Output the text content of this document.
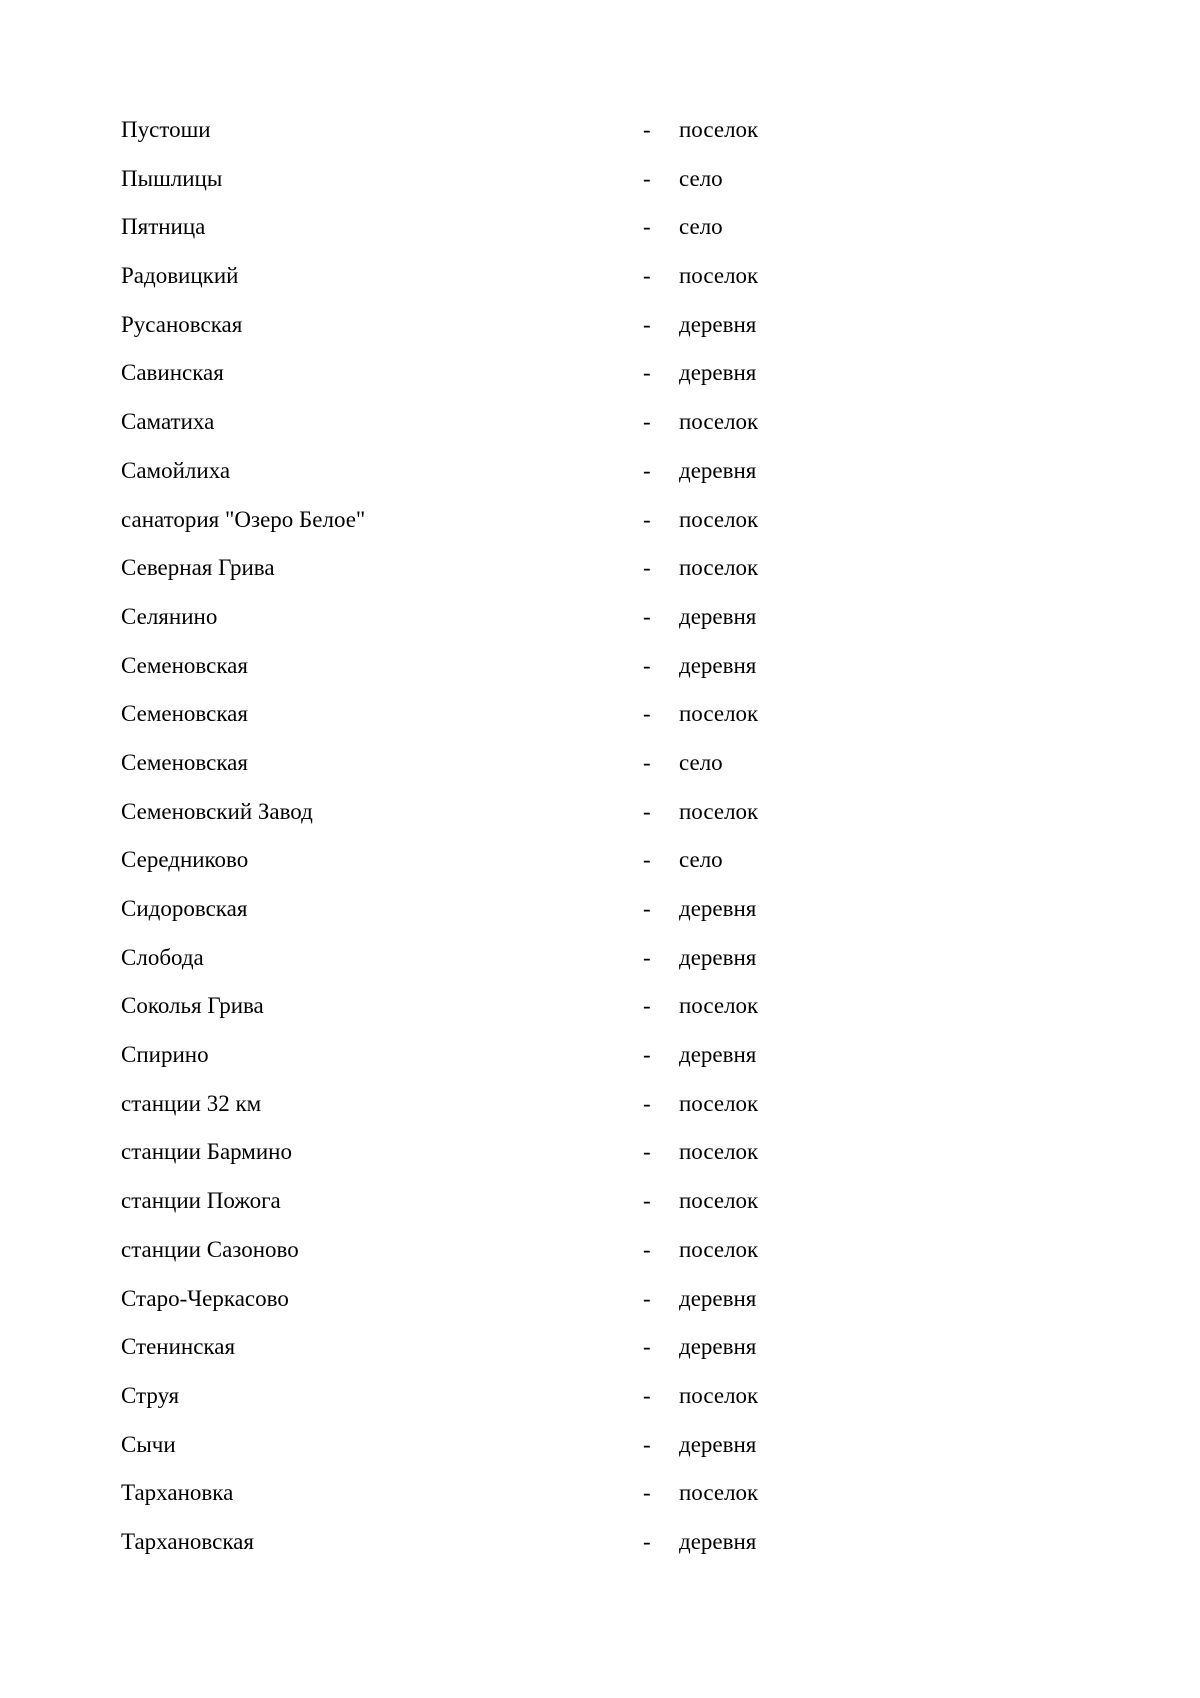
Пустоши	- поселок
Пышлицы	- село
Пятница	- село
Радовицкий	- поселок
Русановская	- деревня
Савинская	- деревня
Саматиха	- поселок
Самойлиха	- деревня
санатория "Озеро Белое"	- поселок
Северная Грива	- поселок
Селянино	- деревня
Семеновская	- деревня
Семеновская	- поселок
Семеновская	- село
Семеновский Завод	- поселок
Середниково	- село
Сидоровская	- деревня
Слобода	- деревня
Соколья Грива	- поселок
Спирино	- деревня
станции 32 км	- поселок
станции Бармино	- поселок
станции Пожога	- поселок
станции Сазоново	- поселок
Старо-Черкасово	- деревня
Стенинская	- деревня
Струя	- поселок
Сычи	- деревня
Тархановка	- поселок
Тархановская	- деревня
